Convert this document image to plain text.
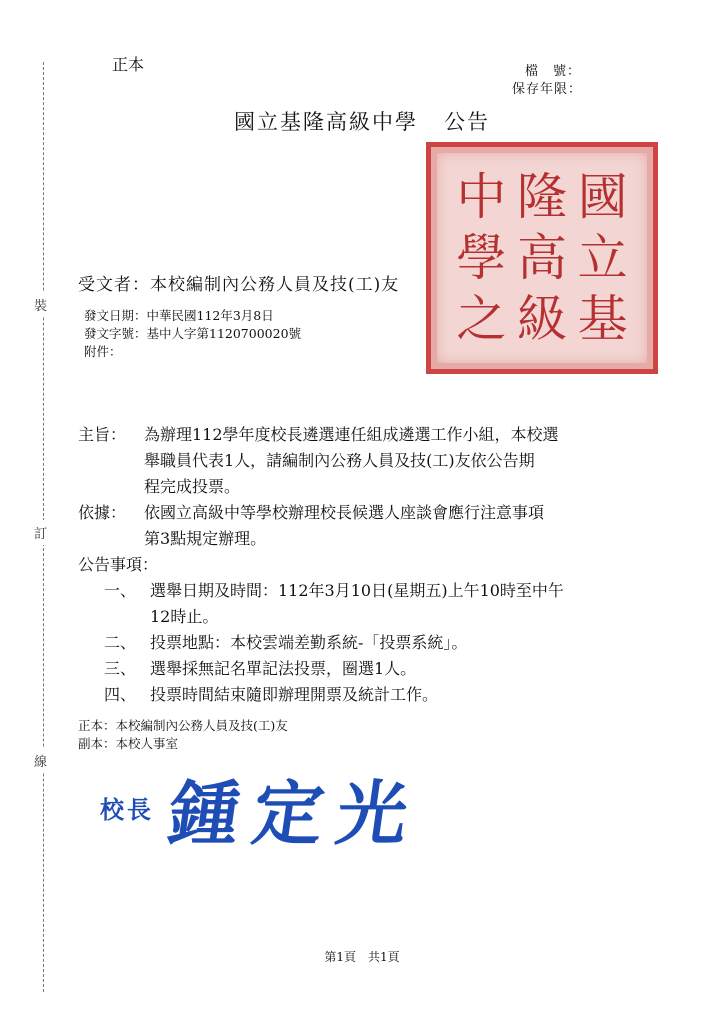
裝
訂
線
正本	檔　號：
保存年限：
國立基隆高級中學 公告
國
立
基
隆
高
級
中
學
之
受文者：本校編制內公務人員及技(工)友
發文日期：中華民國112年3月8日
發文字號：基中人字第1120700020號
附件：
主旨： 為辦理112學年度校長遴選連任組成遴選工作小組，本校選
舉職員代表1人，請編制內公務人員及技(工)友依公告期
程完成投票。
依據： 依國立高級中等學校辦理校長候選人座談會應行注意事項
第3點規定辦理。
公告事項：
一、 選舉日期及時間：112年3月10日(星期五)上午10時至中午
12時止。
二、 投票地點：本校雲端差勤系統-「投票系統」。
三、 選舉採無記名單記法投票，圈選1人。
四、 投票時間結束隨即辦理開票及統計工作。
正本：本校編制內公務人員及技(工)友
副本：本校人事室
校長 鍾定光
第1頁　共1頁
